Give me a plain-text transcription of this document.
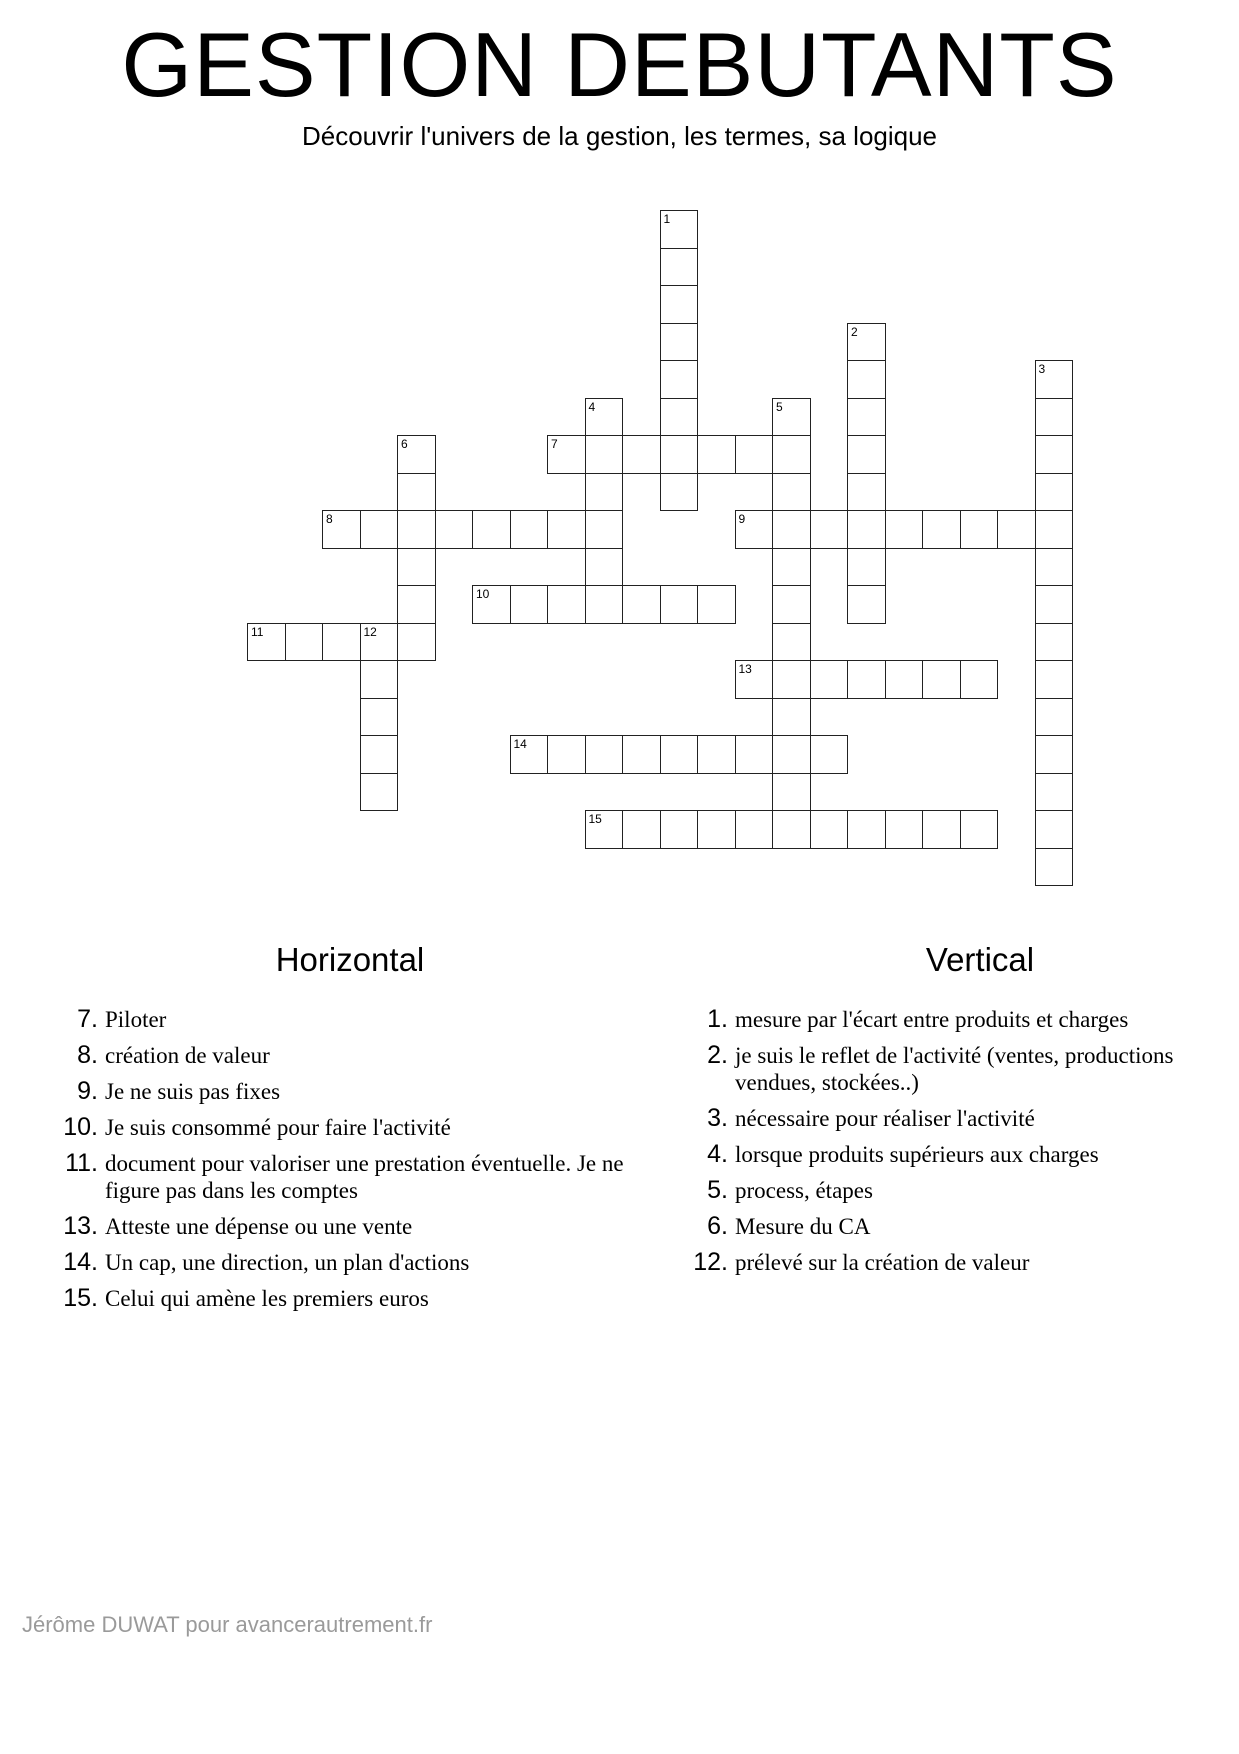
GESTION DEBUTANTS
Découvrir l'univers de la gestion, les termes, sa logique
1
2
3
4	5
6	7
8	9
10
11	12
13
14
15
Horizontal
7. Piloter
8. création de valeur
9. Je ne suis pas fixes
10. Je suis consommé pour faire l'activité
11. document pour valoriser une prestation éventuelle. Je ne
figure pas dans les comptes
13. Atteste une dépense ou une vente
14. Un cap, une direction, un plan d'actions
15. Celui qui amène les premiers euros
Vertical
1. mesure par l'écart entre produits et charges
2. je suis le reflet de l'activité (ventes, productions
vendues, stockées..)
3. nécessaire pour réaliser l'activité
4. lorsque produits supérieurs aux charges
5. process, étapes
6. Mesure du CA
12. prélevé sur la création de valeur
Jérôme DUWAT pour avancerautrement.fr
